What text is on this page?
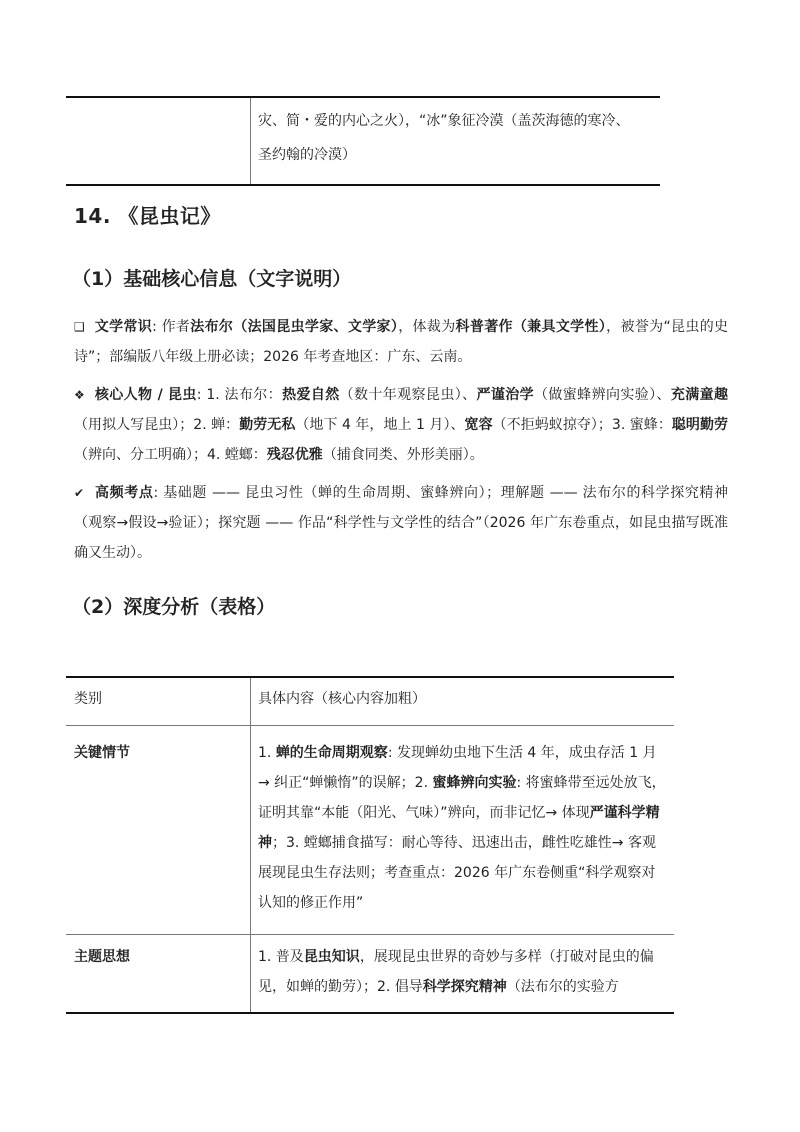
灾、简・爱的内心之火），“冰”象征冷漠（盖茨海德的寒冷、
圣约翰的冷漠）
14. 《昆虫记》
（1）基础核心信息（文字说明）

❑ 文学常识: 作者法布尔（法国昆虫学家、文学家），体裁为科普著作（兼具文学性），被誉为“昆虫的史诗”；部编版八年级上册必读；2026 年考查地区：广东、云南。

❖ 核心人物 / 昆虫: 1. 法布尔：热爱自然（数十年观察昆虫）、严谨治学（做蜜蜂辨向实验）、充满童趣（用拟人写昆虫）；2. 蝉：勤劳无私（地下 4 年，地上 1 月）、宽容（不拒蚂蚁掠夺）；3. 蜜蜂：聪明勤劳（辨向、分工明确）；4. 螳螂：残忍优雅（捕食同类、外形美丽）。

✔ 高频考点: 基础题 —— 昆虫习性（蝉的生命周期、蜜蜂辨向）；理解题 —— 法布尔的科学探究精神（观察→假设→验证）；探究题 —— 作品“科学性与文学性的结合”（2026 年广东卷重点，如昆虫描写既准确又生动）。

（2）深度分析（表格）
类别	具体内容（核心内容加粗）
关键情节	1. 蝉的生命周期观察: 发现蝉幼虫地下生活 4 年，成虫存活 1 月→ 纠正“蝉懒惰”的误解；2. 蜜蜂辨向实验: 将蜜蜂带至远处放飞，证明其靠“本能（阳光、气味）”辨向，而非记忆→ 体现严谨科学精神；3. 螳螂捕食描写：耐心等待、迅速出击，雌性吃雄性→ 客观展现昆虫生存法则；考查重点：2026 年广东卷侧重“科学观察对认知的修正作用”
主题思想	1. 普及昆虫知识，展现昆虫世界的奇妙与多样（打破对昆虫的偏见，如蝉的勤劳）；2. 倡导科学探究精神（法布尔的实验方
